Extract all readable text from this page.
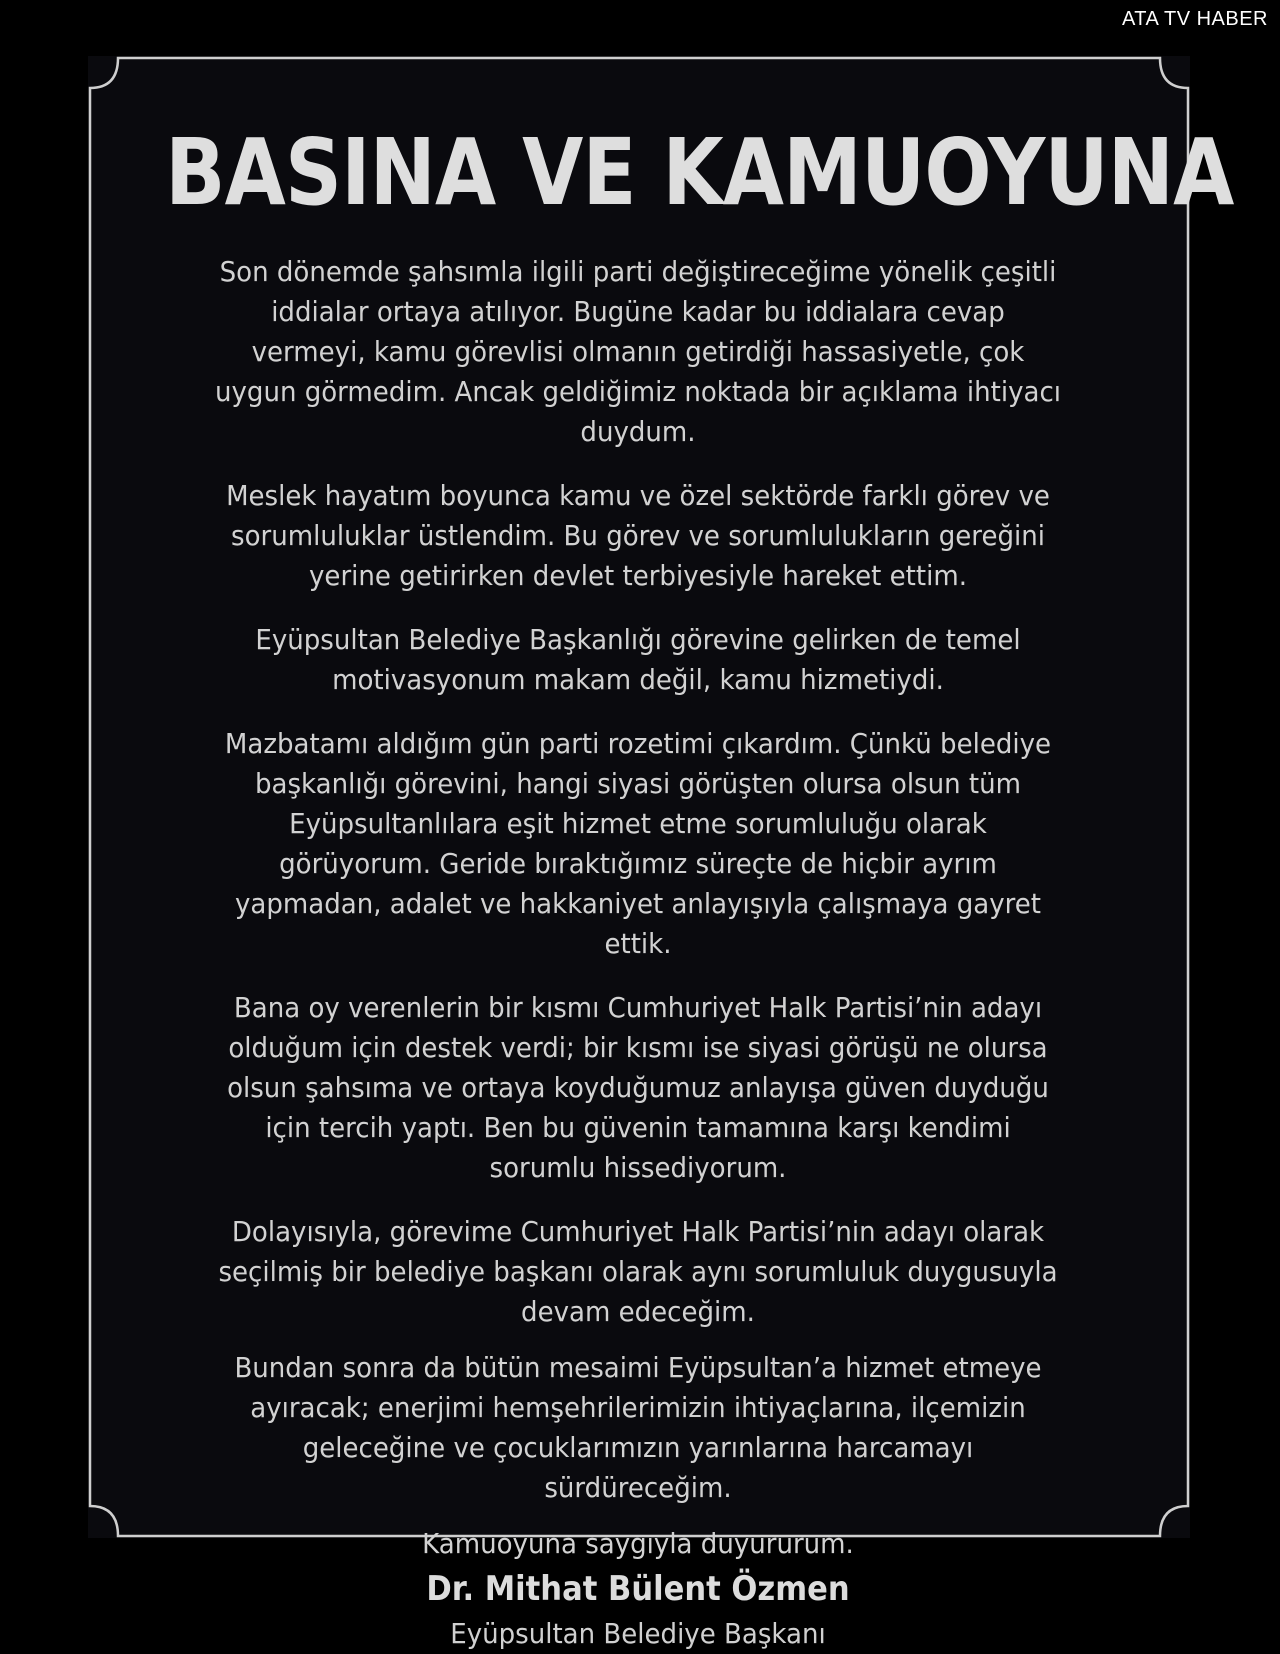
ATA TV HABER
BASINA VE KAMUOYUNA

Son dönemde şahsımla ilgili parti değiştireceğime yönelik çeşitli iddialar ortaya atılıyor. Bugüne kadar bu iddialara cevap vermeyi, kamu görevlisi olmanın getirdiği hassasiyetle, çok uygun görmedim. Ancak geldiğimiz noktada bir açıklama ihtiyacı duydum.

Meslek hayatım boyunca kamu ve özel sektörde farklı görev ve sorumluluklar üstlendim. Bu görev ve sorumlulukların gereğini yerine getirirken devlet terbiyesiyle hareket ettim.

Eyüpsultan Belediye Başkanlığı görevine gelirken de temel motivasyonum makam değil, kamu hizmetiydi.

Mazbatamı aldığım gün parti rozetimi çıkardım. Çünkü belediye başkanlığı görevini, hangi siyasi görüşten olursa olsun tüm Eyüpsultanlılara eşit hizmet etme sorumluluğu olarak görüyorum. Geride bıraktığımız süreçte de hiçbir ayrım yapmadan, adalet ve hakkaniyet anlayışıyla çalışmaya gayret ettik.

Bana oy verenlerin bir kısmı Cumhuriyet Halk Partisi’nin adayı olduğum için destek verdi; bir kısmı ise siyasi görüşü ne olursa olsun şahsıma ve ortaya koyduğumuz anlayışa güven duyduğu için tercih yaptı. Ben bu güvenin tamamına karşı kendimi sorumlu hissediyorum.

Dolayısıyla, görevime Cumhuriyet Halk Partisi’nin adayı olarak seçilmiş bir belediye başkanı olarak aynı sorumluluk duygusuyla devam edeceğim.

Bundan sonra da bütün mesaimi Eyüpsultan’a hizmet etmeye ayıracak; enerjimi hemşehrilerimizin ihtiyaçlarına, ilçemizin geleceğine ve çocuklarımızın yarınlarına harcamayı sürdüreceğim.

Kamuoyuna saygıyla duyururum.

Dr. Mithat Bülent Özmen

Eyüpsultan Belediye Başkanı
